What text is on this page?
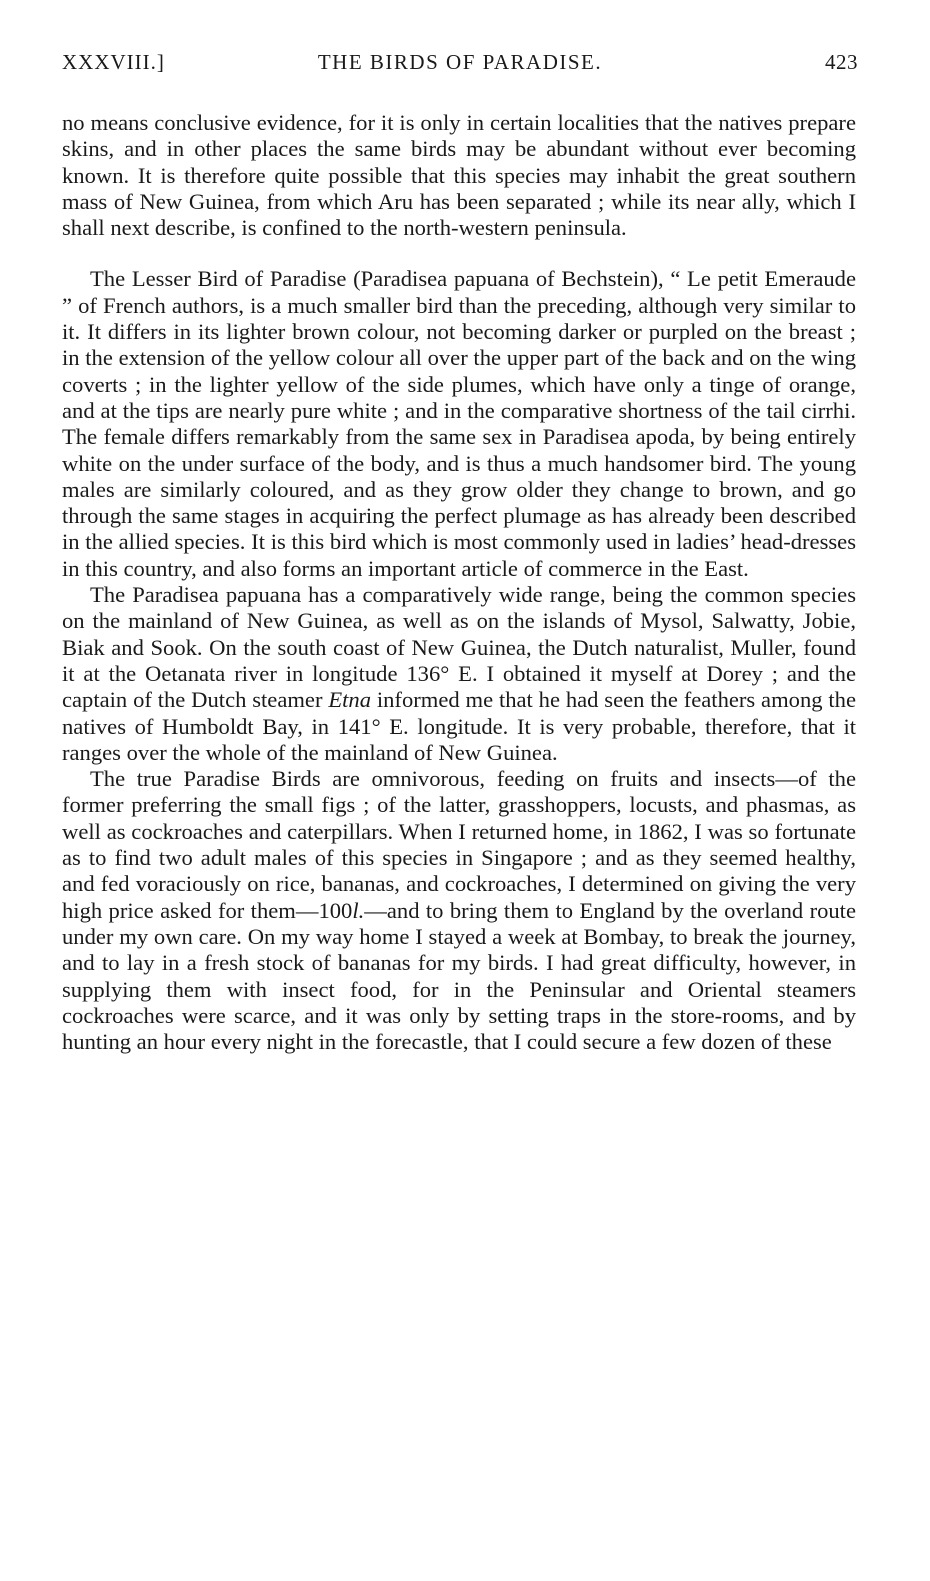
XXXVIII.]	THE BIRDS OF PARADISE.	423

no means conclusive evidence, for it is only in certain localities that the natives prepare skins, and in other places the same birds may be abundant without ever becoming known. It is therefore quite possible that this species may inhabit the great southern mass of New Guinea, from which Aru has been separated ; while its near ally, which I shall next describe, is confined to the north-western peninsula.

The Lesser Bird of Paradise (Paradisea papuana of Bechstein), “ Le petit Emeraude ” of French authors, is a much smaller bird than the preceding, although very similar to it. It differs in its lighter brown colour, not becoming darker or purpled on the breast ; in the extension of the yellow colour all over the upper part of the back and on the wing coverts ; in the lighter yellow of the side plumes, which have only a tinge of orange, and at the tips are nearly pure white ; and in the comparative shortness of the tail cirrhi. The female differs remarkably from the same sex in Paradisea apoda, by being entirely white on the under surface of the body, and is thus a much handsomer bird. The young males are similarly coloured, and as they grow older they change to brown, and go through the same stages in acquiring the perfect plumage as has already been described in the allied species. It is this bird which is most commonly used in ladies’ head-dresses in this country, and also forms an important article of commerce in the East.

The Paradisea papuana has a comparatively wide range, being the common species on the mainland of New Guinea, as well as on the islands of Mysol, Salwatty, Jobie, Biak and Sook. On the south coast of New Guinea, the Dutch naturalist, Muller, found it at the Oetanata river in longitude 136° E. I obtained it myself at Dorey ; and the captain of the Dutch steamer Etna informed me that he had seen the feathers among the natives of Humboldt Bay, in 141° E. longitude. It is very probable, therefore, that it ranges over the whole of the mainland of New Guinea.

The true Paradise Birds are omnivorous, feeding on fruits and insects—of the former preferring the small figs ; of the latter, grasshoppers, locusts, and phasmas, as well as cockroaches and caterpillars. When I returned home, in 1862, I was so fortunate as to find two adult males of this species in Singapore ; and as they seemed healthy, and fed voraciously on rice, bananas, and cockroaches, I determined on giving the very high price asked for them—100l.—and to bring them to England by the overland route under my own care. On my way home I stayed a week at Bombay, to break the journey, and to lay in a fresh stock of bananas for my birds. I had great difficulty, however, in supplying them with insect food, for in the Peninsular and Oriental steamers cockroaches were scarce, and it was only by setting traps in the store-rooms, and by hunting an hour every night in the forecastle, that I could secure a few dozen of these
